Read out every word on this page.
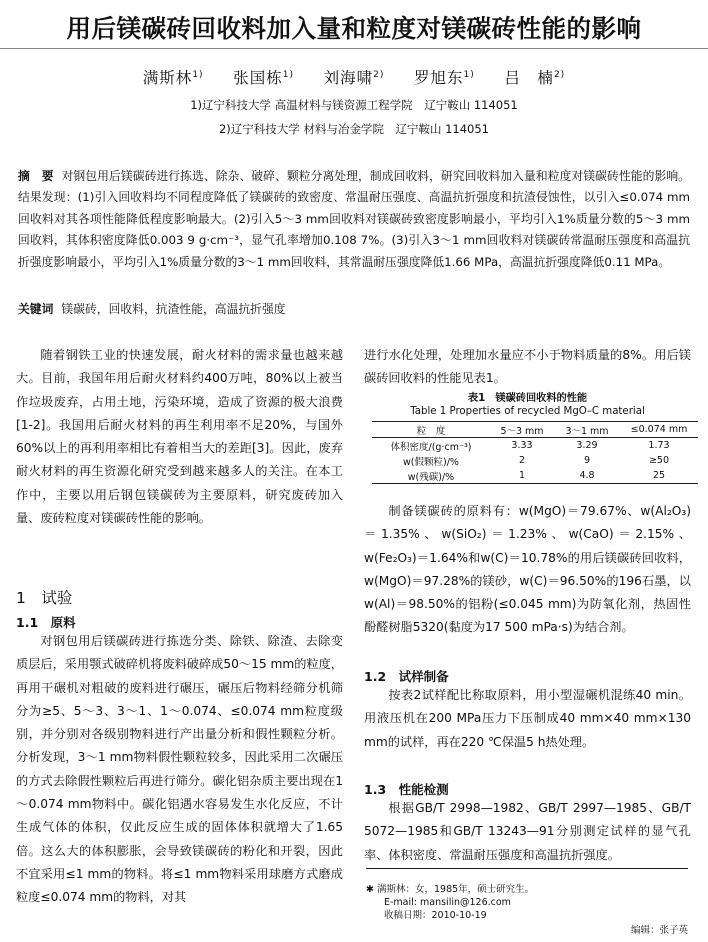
用后镁碳砖回收料加入量和粒度对镁碳砖性能的影响
满斯林$^{1)}$ 张国栋$^{1)}$ 刘海啸$^{2)}$ 罗旭东$^{1)}$ 吕　楠$^{2)}$
1)辽宁科技大学 高温材料与镁资源工程学院　辽宁鞍山 114051
2)辽宁科技大学 材料与冶金学院　辽宁鞍山 114051
摘　要 对钢包用后镁碳砖进行拣选、除杂、破碎、颗粒分离处理，制成回收料，研究回收料加入量和粒度对镁碳砖性能的影响。结果发现：(1)引入回收料均不同程度降低了镁碳砖的致密度、常温耐压强度、高温抗折强度和抗渣侵蚀性，以引入≤0.074 mm 回收料对其各项性能降低程度影响最大。(2)引入5～3 mm回收料对镁碳砖致密度影响最小，平均引入1%质量分数的5～3 mm回收料，其体积密度降低0.003 9 g·cm⁻³，显气孔率增加0.108 7%。(3)引入3～1 mm回收料对镁碳砖常温耐压强度和高温抗折强度影响最小，平均引入1%质量分数的3～1 mm回收料，其常温耐压强度降低1.66 MPa，高温抗折强度降低0.11 MPa。
关键词 镁碳砖，回收料，抗渣性能，高温抗折强度

随着钢铁工业的快速发展，耐火材料的需求量也越来越大。目前，我国年用后耐火材料约400万吨，80%以上被当作垃圾废弃，占用土地，污染环境，造成了资源的极大浪费[1-2]。我国用后耐火材料的再生利用率不足20%，与国外60%以上的再利用率相比有着相当大的差距[3]。因此，废弃耐火材料的再生资源化研究受到越来越多人的关注。在本工作中，主要以用后钢包镁碳砖为主要原料，研究废砖加入量、废砖粒度对镁碳砖性能的影响。

1　试验
1.1　原料

对钢包用后镁碳砖进行拣选分类、除铁、除渣、去除变质层后，采用颚式破碎机将废料破碎成50～15 mm的粒度，再用干碾机对粗破的废料进行碾压，碾压后物料经筛分机筛分为≥5、5～3、3～1、1～0.074、≤0.074 mm粒度级别，并分别对各级别物料进行产出量分析和假性颗粒分析。分析发现，3～1 mm物料假性颗粒较多，因此采用二次碾压的方式去除假性颗粒后再进行筛分。碳化铝杂质主要出现在1～0.074 mm物料中。碳化铝遇水容易发生水化反应，不计生成气体的体积，仅此反应生成的固体体积就增大了1.65倍。这么大的体积膨胀，会导致镁碳砖的粉化和开裂，因此不宜采用≤1 mm的物料。将≤1 mm物料采用球磨方式磨成粒度≤0.074 mm的物料，对其

进行水化处理，处理加水量应不小于物料质量的8%。用后镁碳砖回收料的性能见表1。

表1　镁碳砖回收料的性能
Table 1 Properties of recycled MgO–C material
粒　度	5～3 mm	3～1 mm	≤0.074 mm
体积密度/(g·cm⁻³)	3.33	3.29	1.73
w(假颗粒)/%	2	9	≥50
w(残碳)/%	1	4.8	25

制备镁碳砖的原料有：w(MgO)＝79.67%、w(Al₂O₃)＝1.35%、w(SiO₂)＝1.23%、w(CaO)＝2.15%、w(Fe₂O₃)＝1.64%和w(C)＝10.78%的用后镁碳砖回收料，w(MgO)＝97.28%的镁砂，w(C)＝96.50%的196石墨，以w(Al)＝98.50%的铝粉(≤0.045 mm)为防氧化剂，热固性酚醛树脂5320(黏度为17 500 mPa·s)为结合剂。

1.2　试样制备

按表2试样配比称取原料，用小型湿碾机混练40 min。用液压机在200 MPa压力下压制成40 mm×40 mm×130 mm的试样，再在220 ℃保温5 h热处理。

1.3　性能检测

根据GB/T 2998—1982、GB/T 2997—1985、GB/T 5072—1985和GB/T 13243—91分别测定试样的显气孔率、体积密度、常温耐压强度和高温抗折强度。

✱ 满斯林：女，1985年，硕士研究生。
E-mail: mansilin@126.com
收稿日期：2010-10-19
编辑：张子英
